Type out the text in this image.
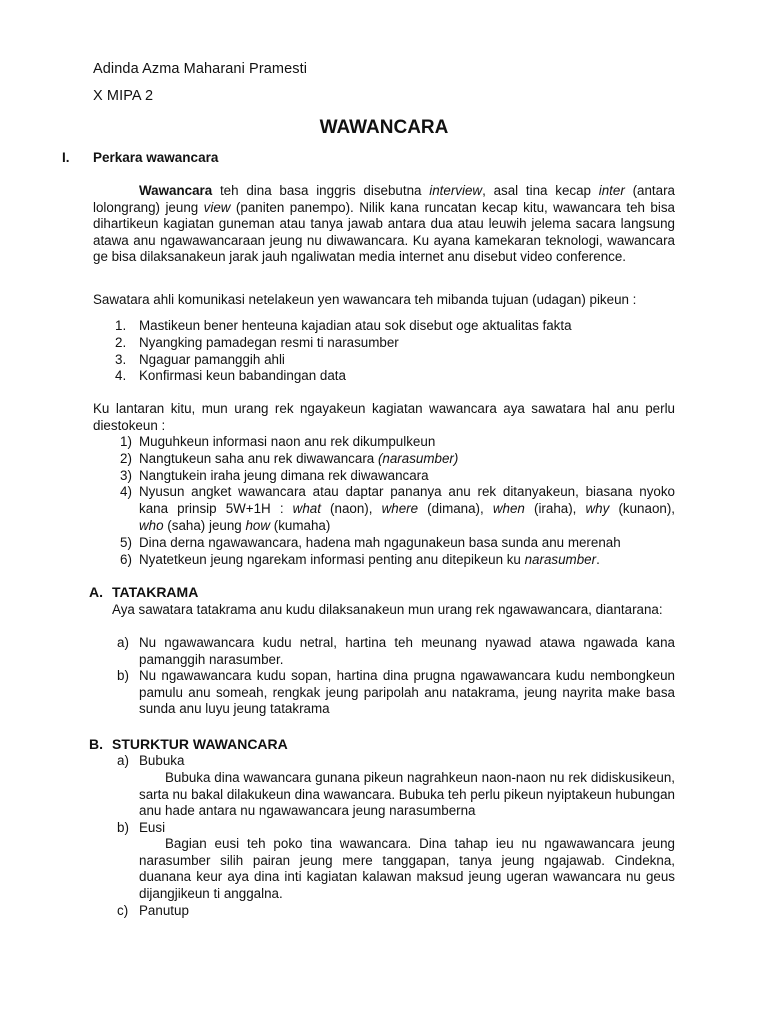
Adinda Azma Maharani Pramesti
X MIPA 2
WAWANCARA
I. Perkara wawancara
Wawancara teh dina basa inggris disebutna interview, asal tina kecap inter (antara lolongrang) jeung view (paniten panempo). Nilik kana runcatan kecap kitu, wawancara teh bisa dihartikeun kagiatan guneman atau tanya jawab antara dua atau leuwih jelema sacara langsung atawa anu ngawawancaraan jeung nu diwawancara. Ku ayana kamekaran teknologi, wawancara ge bisa dilaksanakeun jarak jauh ngaliwatan media internet anu disebut video conference.
Sawatara ahli komunikasi netelakeun yen wawancara teh mibanda tujuan (udagan) pikeun :
1. Mastikeun bener henteuna kajadian atau sok disebut oge aktualitas fakta
2. Nyangking pamadegan resmi ti narasumber
3. Ngaguar pamanggih ahli
4. Konfirmasi keun babandingan data
Ku lantaran kitu, mun urang rek ngayakeun kagiatan wawancara aya sawatara hal anu perlu diestokeun :
1) Muguhkeun informasi naon anu rek dikumpulkeun
2) Nangtukeun saha anu rek diwawancara (narasumber)
3) Nangtukein iraha jeung dimana rek diwawancara
4) Nyusun angket wawancara atau daptar pananya anu rek ditanyakeun, biasana nyoko
kana prinsip 5W+1H : what (naon), where (dimana), when (iraha), why (kunaon),
who (saha) jeung how (kumaha)
5) Dina derna ngawawancara, hadena mah ngagunakeun basa sunda anu merenah
6) Nyatetkeun jeung ngarekam informasi penting anu ditepikeun ku narasumber.
A. TATAKRAMA
Aya sawatara tatakrama anu kudu dilaksanakeun mun urang rek ngawawancara, diantarana:
a) Nu ngawawancara kudu netral, hartina teh meunang nyawad atawa ngawada kana pamanggih narasumber.
b) Nu ngawawancara kudu sopan, hartina dina prugna ngawawancara kudu nembongkeun pamulu anu someah, rengkak jeung paripolah anu natakrama, jeung nayrita make basa sunda anu luyu jeung tatakrama
B. STURKTUR WAWANCARA
a) Bubuka
Bubuka dina wawancara gunana pikeun nagrahkeun naon-naon nu rek didiskusikeun, sarta nu bakal dilakukeun dina wawancara. Bubuka teh perlu pikeun nyiptakeun hubungan anu hade antara nu ngawawancara jeung narasumberna
b) Eusi
Bagian eusi teh poko tina wawancara. Dina tahap ieu nu ngawawancara jeung narasumber silih pairan jeung mere tanggapan, tanya jeung ngajawab. Cindekna, duanana keur aya dina inti kagiatan kalawan maksud jeung ugeran wawancara nu geus dijangjikeun ti anggalna.
c) Panutup
